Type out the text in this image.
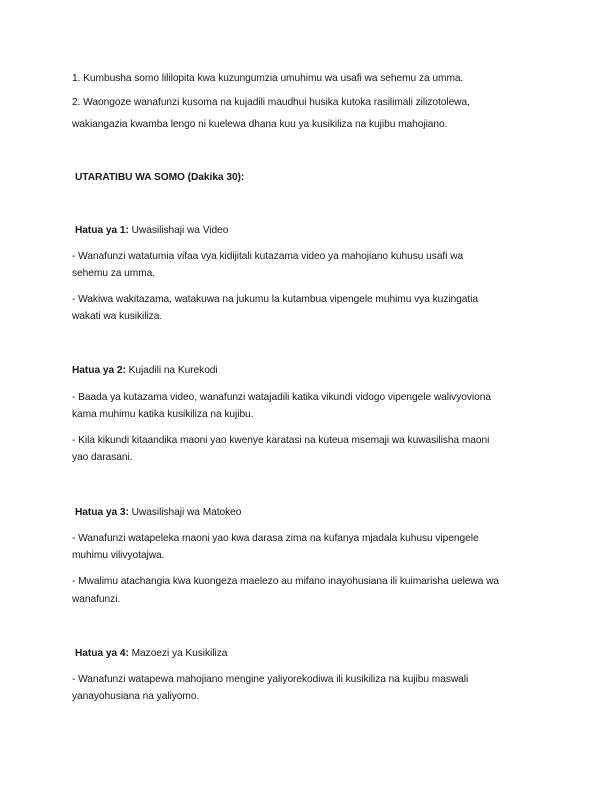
1. Kumbusha somo lililopita kwa kuzungumzia umuhimu wa usafi wa sehemu za umma.
2. Waongoze wanafunzi kusoma na kujadili maudhui husika kutoka rasilimali zilizotolewa,
wakiangazia kwamba lengo ni kuelewa dhana kuu ya kusikiliza na kujibu mahojiano.
UTARATIBU WA SOMO (Dakika 30):
Hatua ya 1: Uwasilishaji wa Video
- Wanafunzi watatumia vifaa vya kidijitali kutazama video ya mahojiano kuhusu usafi wa
sehemu za umma.
- Wakiwa wakitazama, watakuwa na jukumu la kutambua vipengele muhimu vya kuzingatia
wakati wa kusikiliza.
Hatua ya 2: Kujadili na Kurekodi
- Baada ya kutazama video, wanafunzi watajadili katika vikundi vidogo vipengele walivyoviona
kama muhimu katika kusikiliza na kujibu.
- Kila kikundi kitaandika maoni yao kwenye karatasi na kuteua msemaji wa kuwasilisha maoni
yao darasani.
Hatua ya 3: Uwasilishaji wa Matokeo
- Wanafunzi watapeleka maoni yao kwa darasa zima na kufanya mjadala kuhusu vipengele
muhimu vilivyotajwa.
- Mwalimu atachangia kwa kuongeza maelezo au mifano inayohusiana ili kuimarisha uelewa wa
wanafunzi.
Hatua ya 4: Mazoezi ya Kusikiliza
- Wanafunzi watapewa mahojiano mengine yaliyorekodiwa ili kusikiliza na kujibu maswali
yanayohusiana na yaliyomo.
